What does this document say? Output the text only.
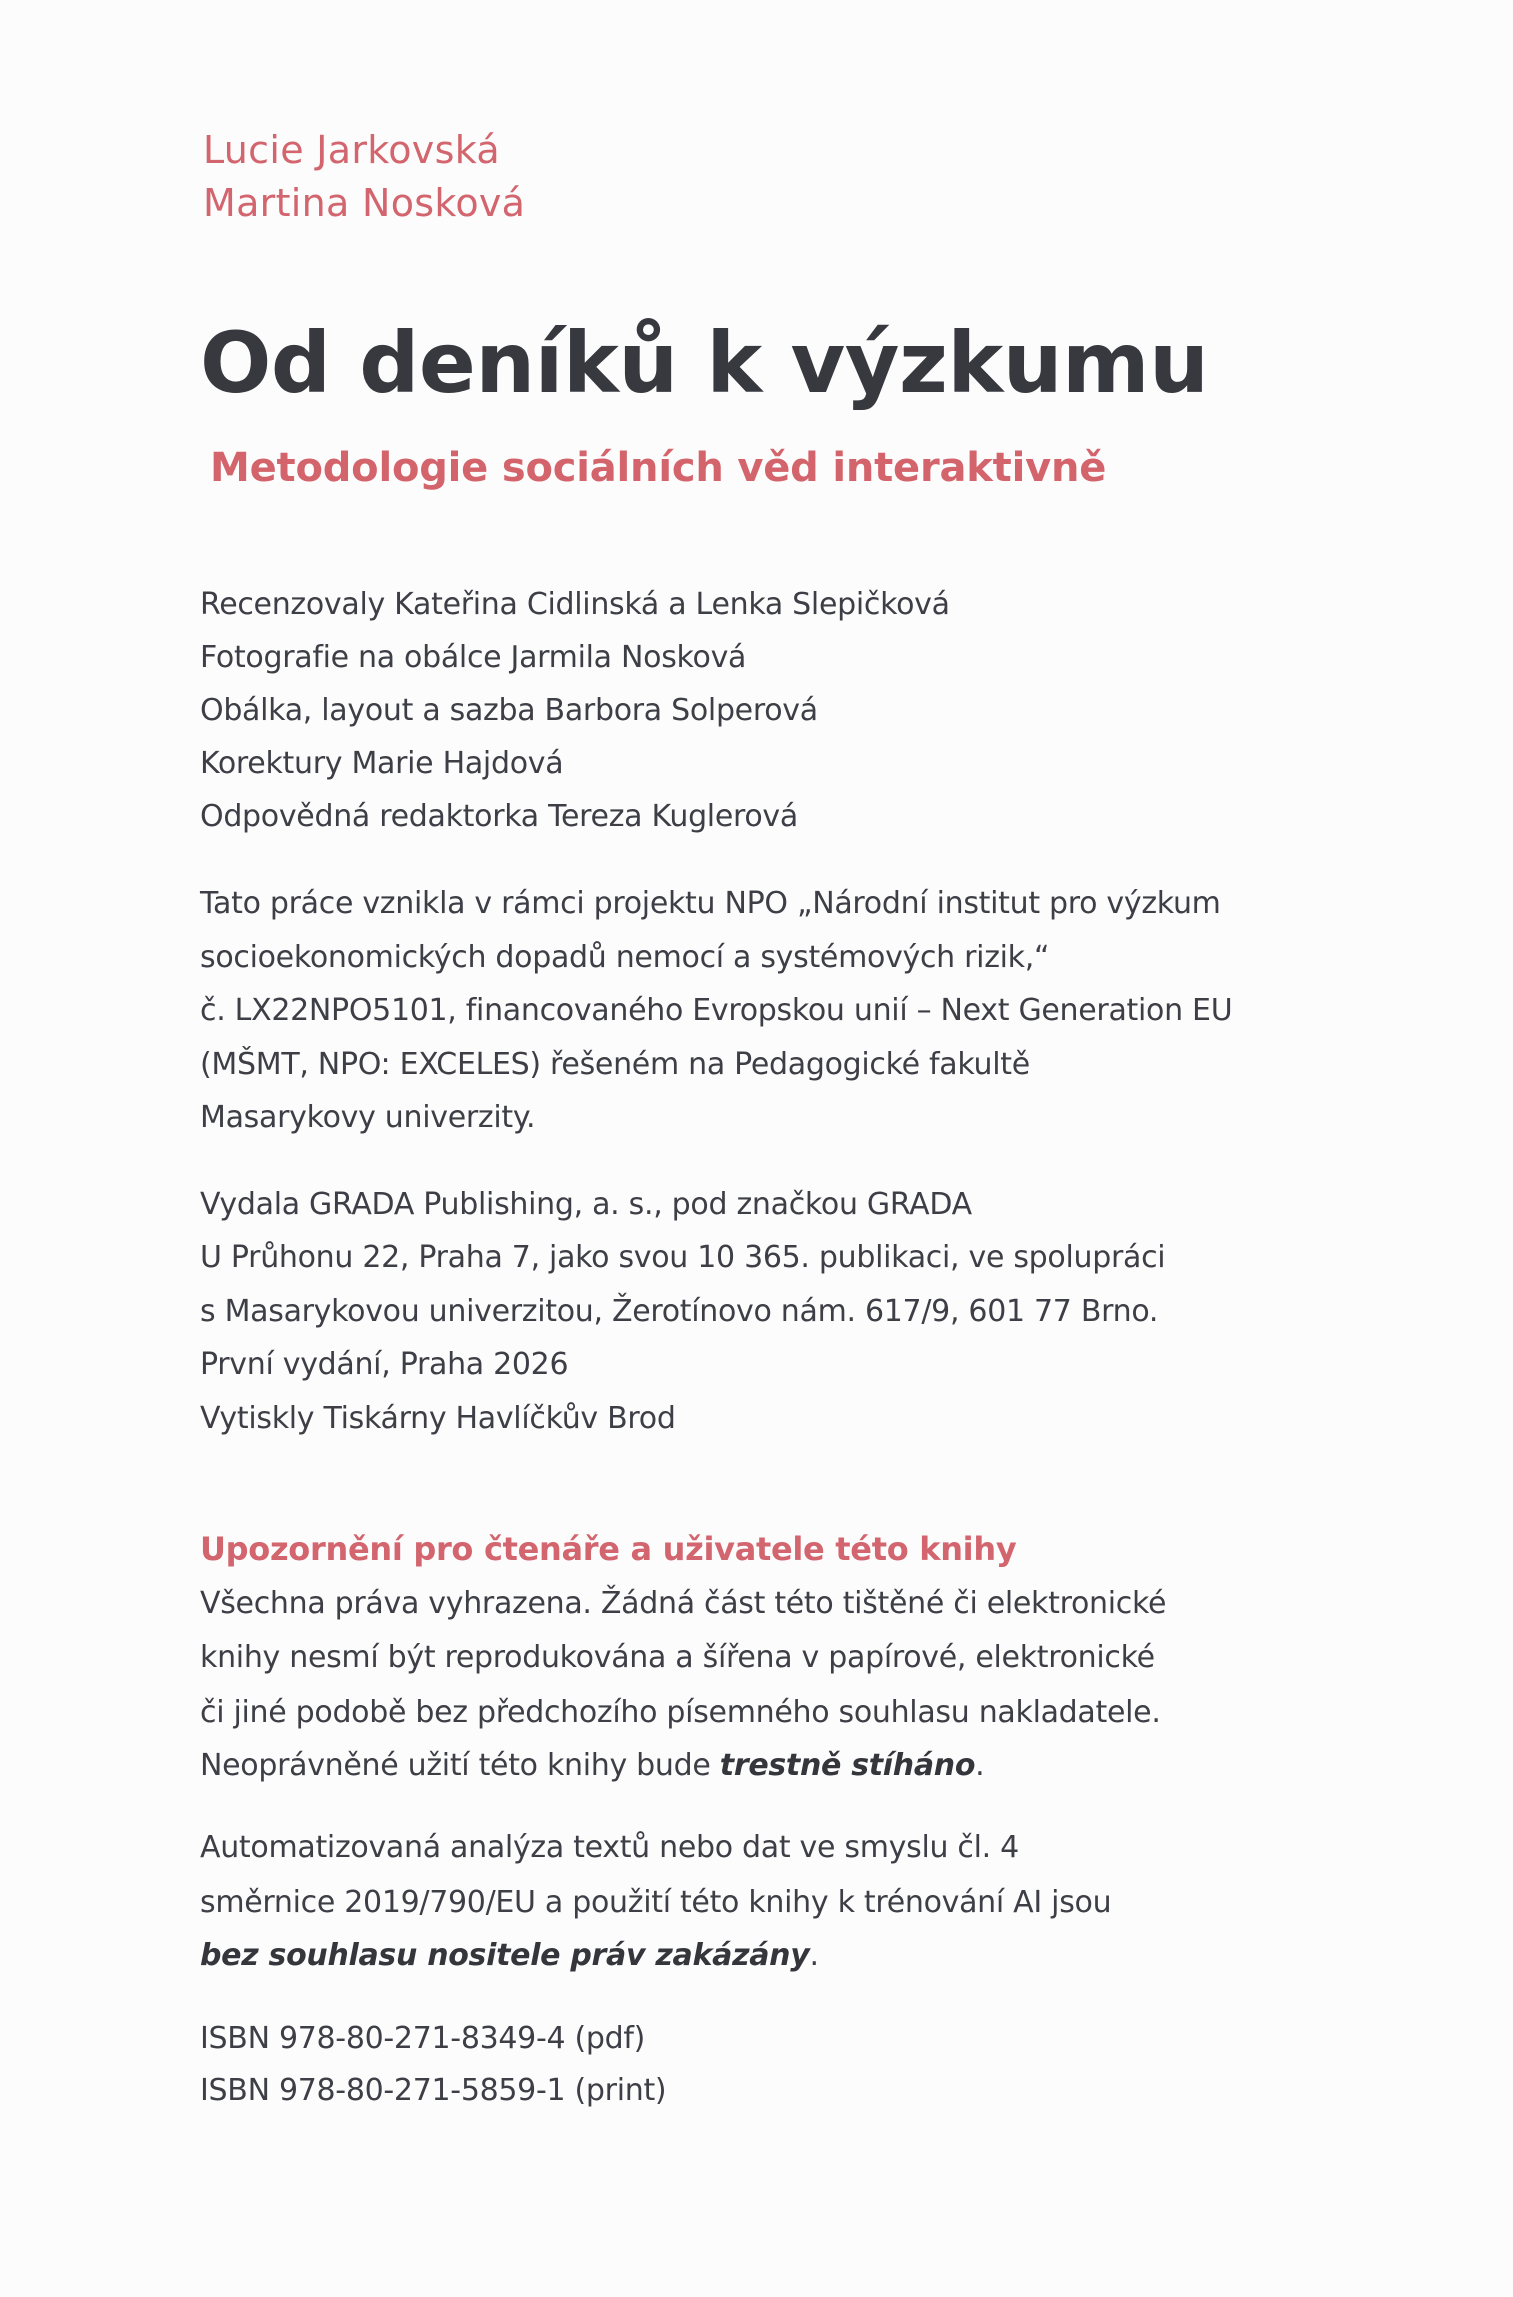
Lucie Jarkovská
Martina Nosková
Od deníků k výzkumu
Metodologie sociálních věd interaktivně
Recenzovaly Kateřina Cidlinská a Lenka Slepičková
Fotografie na obálce Jarmila Nosková
Obálka, layout a sazba Barbora Solperová
Korektury Marie Hajdová
Odpovědná redaktorka Tereza Kuglerová
Tato práce vznikla v rámci projektu NPO „Národní institut pro výzkum
socioekonomických dopadů nemocí a systémových rizik,“
č. LX22NPO5101, financovaného Evropskou unií – Next Generation EU
(MŠMT, NPO: EXCELES) řešeném na Pedagogické fakultě
Masarykovy univerzity.
Vydala GRADA Publishing, a. s., pod značkou GRADA
U Průhonu 22, Praha 7, jako svou 10 365. publikaci, ve spolupráci
s Masarykovou univerzitou, Žerotínovo nám. 617/9, 601 77 Brno.
První vydání, Praha 2026
Vytiskly Tiskárny Havlíčkův Brod
Upozornění pro čtenáře a uživatele této knihy
Všechna práva vyhrazena. Žádná část této tištěné či elektronické
knihy nesmí být reprodukována a šířena v papírové, elektronické
či jiné podobě bez předchozího písemného souhlasu nakladatele.
Neoprávněné užití této knihy bude trestně stíháno.
Automatizovaná analýza textů nebo dat ve smyslu čl. 4
směrnice 2019/790/EU a použití této knihy k trénování AI jsou
bez souhlasu nositele práv zakázány.
ISBN 978-80-271-8349-4 (pdf)
ISBN 978-80-271-5859-1 (print)
